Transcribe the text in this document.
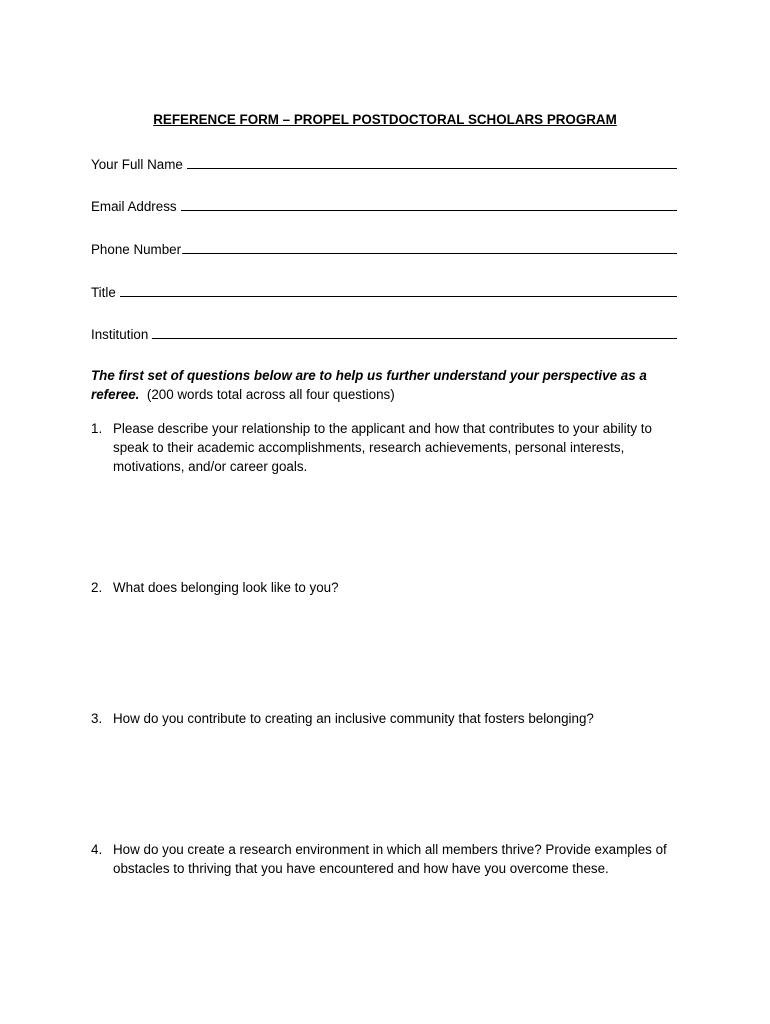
REFERENCE FORM – PROPEL POSTDOCTORAL SCHOLARS PROGRAM
Your Full Name
Email Address
Phone Number
Title
Institution
The first set of questions below are to help us further understand your perspective as a referee. (200 words total across all four questions)
1. Please describe your relationship to the applicant and how that contributes to your ability to speak to their academic accomplishments, research achievements, personal interests, motivations, and/or career goals.
2. What does belonging look like to you?
3. How do you contribute to creating an inclusive community that fosters belonging?
4. How do you create a research environment in which all members thrive? Provide examples of obstacles to thriving that you have encountered and how have you overcome these.
